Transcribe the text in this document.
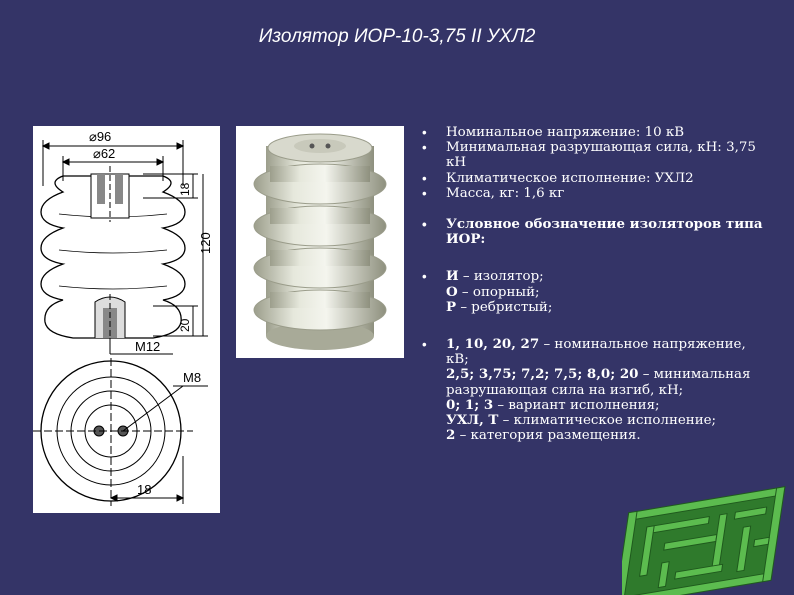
Изолятор ИОР-10-3,75 II УХЛ2
⌀96
⌀62
18
120
20
M12
M8
18
• Номинальное напряжение: 10 кВ
• Минимальная разрушающая сила, кН: 3,75 кН
• Климатическое исполнение: УХЛ2
• Масса, кг: 1,6 кг
• Условное обозначение изоляторов типа ИОР:
• И – изолятор;
О – опорный;
Р – ребристый;
• 1, 10, 20, 27 – номинальное напряжение, кВ;
2,5; 3,75; 7,2; 7,5; 8,0; 20 – минимальная разрушающая сила на изгиб, кН;
0; 1; 3 – вариант исполнения;
УХЛ, Т – климатическое исполнение;
2 – категория размещения.
